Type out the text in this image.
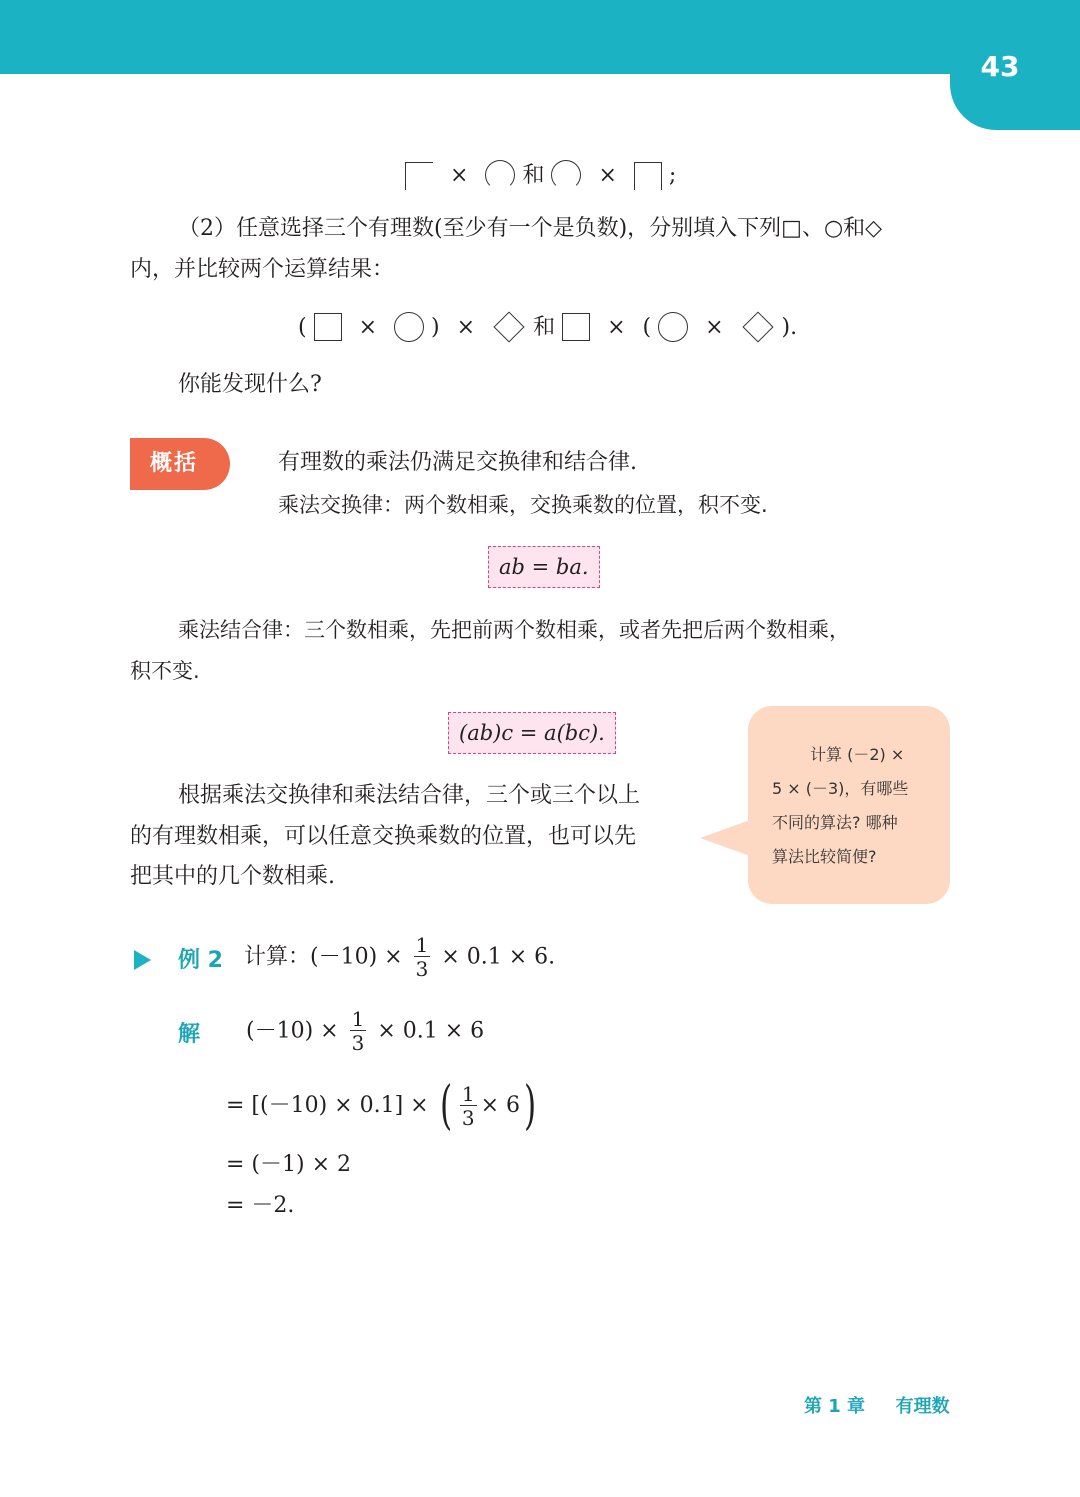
43
× 和 × ;
（2）任意选择三个有理数(至少有一个是负数)，分别填入下列□、○和◇
内，并比较两个运算结果：
( × ) ×	和 × ( ×	).
你能发现什么?
概括	有理数的乘法仍满足交换律和结合律.
乘法交换律：两个数相乘，交换乘数的位置，积不变.
ab = ba.
乘法结合律：三个数相乘，先把前两个数相乘，或者先把后两个数相乘，
积不变.
(ab)c = a(bc).
根据乘法交换律和乘法结合律，三个或三个以上
的有理数相乘，可以任意交换乘数的位置，也可以先
把其中的几个数相乘.
计算 (－2) ×
5 × (－3)，有哪些
不同的算法? 哪种
算法比较简便?
例 2 计算：$(-10) \times \frac{1}{3} \times 0.1 \times 6$.
解 $(-10) \times \frac{1}{3} \times 0.1 \times 6$
= [(－10) × 0.1] × ( $\frac{1}{3} \times 6$)
= (－1) × 2
= －2.
第 1 章 有理数
